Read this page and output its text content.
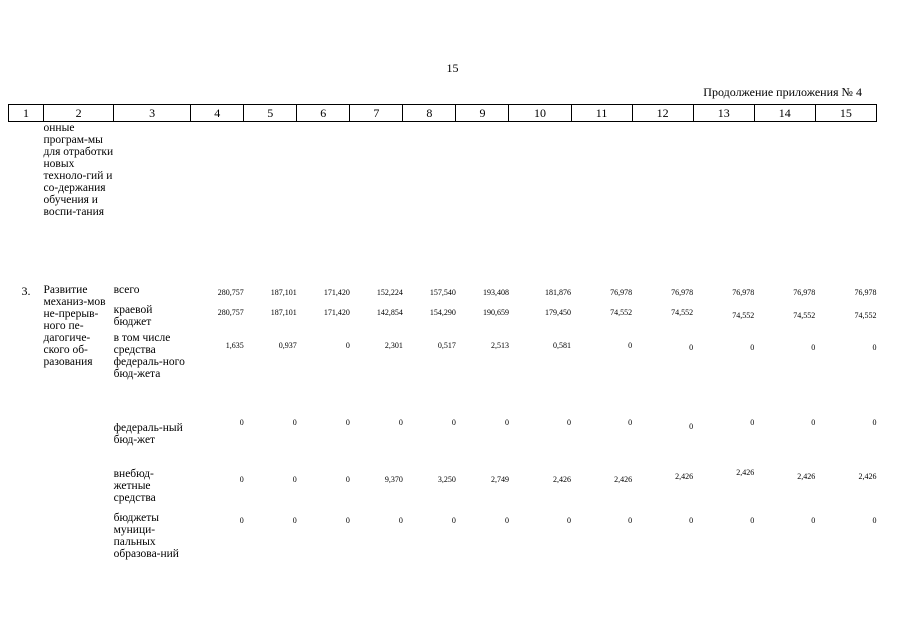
15
Продолжение приложения № 4
1	2	3	4	5	6	7	8	9	10	11	12	13	14	15
	онные програм-мы для отработки новых техноло-гий и со-держания обучения и воспи-тания													
3.	Развитие механиз-мов не-прерыв-ного пе-дагогиче-ского об-разования	всего	280,757	187,101	171,420	152,224	157,540	193,408	181,876	76,978	76,978	76,978	76,978	76,978
		краевой бюджет	280,757	187,101	171,420	142,854	154,290	190,659	179,450	74,552	74,552	74,552	74,552	74,552
		в том числе средства федераль-ного бюд-жета	1,635	0,937	0	2,301	0,517	2,513	0,581	0	0	0	0	0
		федераль-ный бюд-жет	0	0	0	0	0	0	0	0	0	0	0	0
		внебюд-жетные средства	0	0	0	9,370	3,250	2,749	2,426	2,426	2,426	2,426	2,426	2,426
		бюджеты муници-пальных образова-ний	0	0	0	0	0	0	0	0	0	0	0	0
